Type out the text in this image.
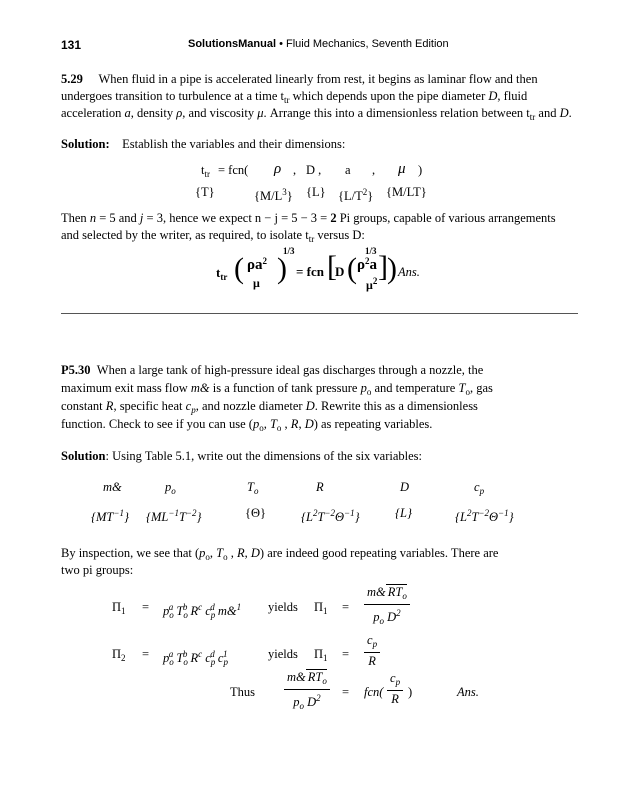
131	SolutionsManual • Fluid Mechanics, Seventh Edition
5.29 When fluid in a pipe is accelerated linearly from rest, it begins as laminar flow and then
undergoes transition to turbulence at a time $t_{tr}$ which depends upon the pipe diameter D, fluid
acceleration a, density ρ, and viscosity μ. Arrange this into a dimensionless relation between $t_{tr}$ and D.
Solution: Establish the variables and their dimensions:
$t_{tr} = fcn$( ρ , D , a , μ )
{T}	$\{M/L^3\}$ {L} $\{L/T^2\}$ {M/LT}
Then n = 5 and j = 3, hence we expect n − j = 5 − 3 = 2 Pi groups, capable of various arrangements
and selected by the writer, as required, to isolate $t_{tr}$ versus D:
$t_{tr}$ ( $\rho a^2$
μ )
1/3
= fcn [
D ( $\rho^2a$
$\mu^2$ )
1/3 ] Ans.
P5.30 When a large tank of high-pressure ideal gas discharges through a nozzle, the
maximum exit mass flow m& is a function of tank pressure $p_o$ and temperature $T_o$, gas
constant R, specific heat $c_p$, and nozzle diameter D. Rewrite this as a dimensionless
function. Check to see if you can use ($p_o$, $T_o$ , R, D) as repeating variables.
Solution: Using Table 5.1, write out the dimensions of the six variables:
m&	$p_o$	$T_o$	R	D	$c_p$
$\{MT^{-1}\}$ $\{ML^{-1}T^{-2}\}$	{Θ}	$\{L^2T^{-2}\Theta^{-1}\}$	{L}	$\{L^2T^{-2}\Theta^{-1}\}$
By inspection, we see that ($p_o$, $T_o$ , R, D) are indeed good repeating variables. There are
two pi groups:
$\Pi_1 = p_o^a$ $T_o^b$ $R^c$ $c_p^d$ m&$^1$ yields $\Pi_1$ =
m& $RT_o$
$p_o$ $D^2$
$\Pi_2 = p_o^a$ $T_o^b$ $R^c$ $c_p^d$ $c_p^1$	yields $\Pi_1 = \frac{c_p}{R}$
Thus
m& $RT_o$
$p_o$ $D^2$	= $fcn( \frac{c_p}{R}$ )	Ans.
